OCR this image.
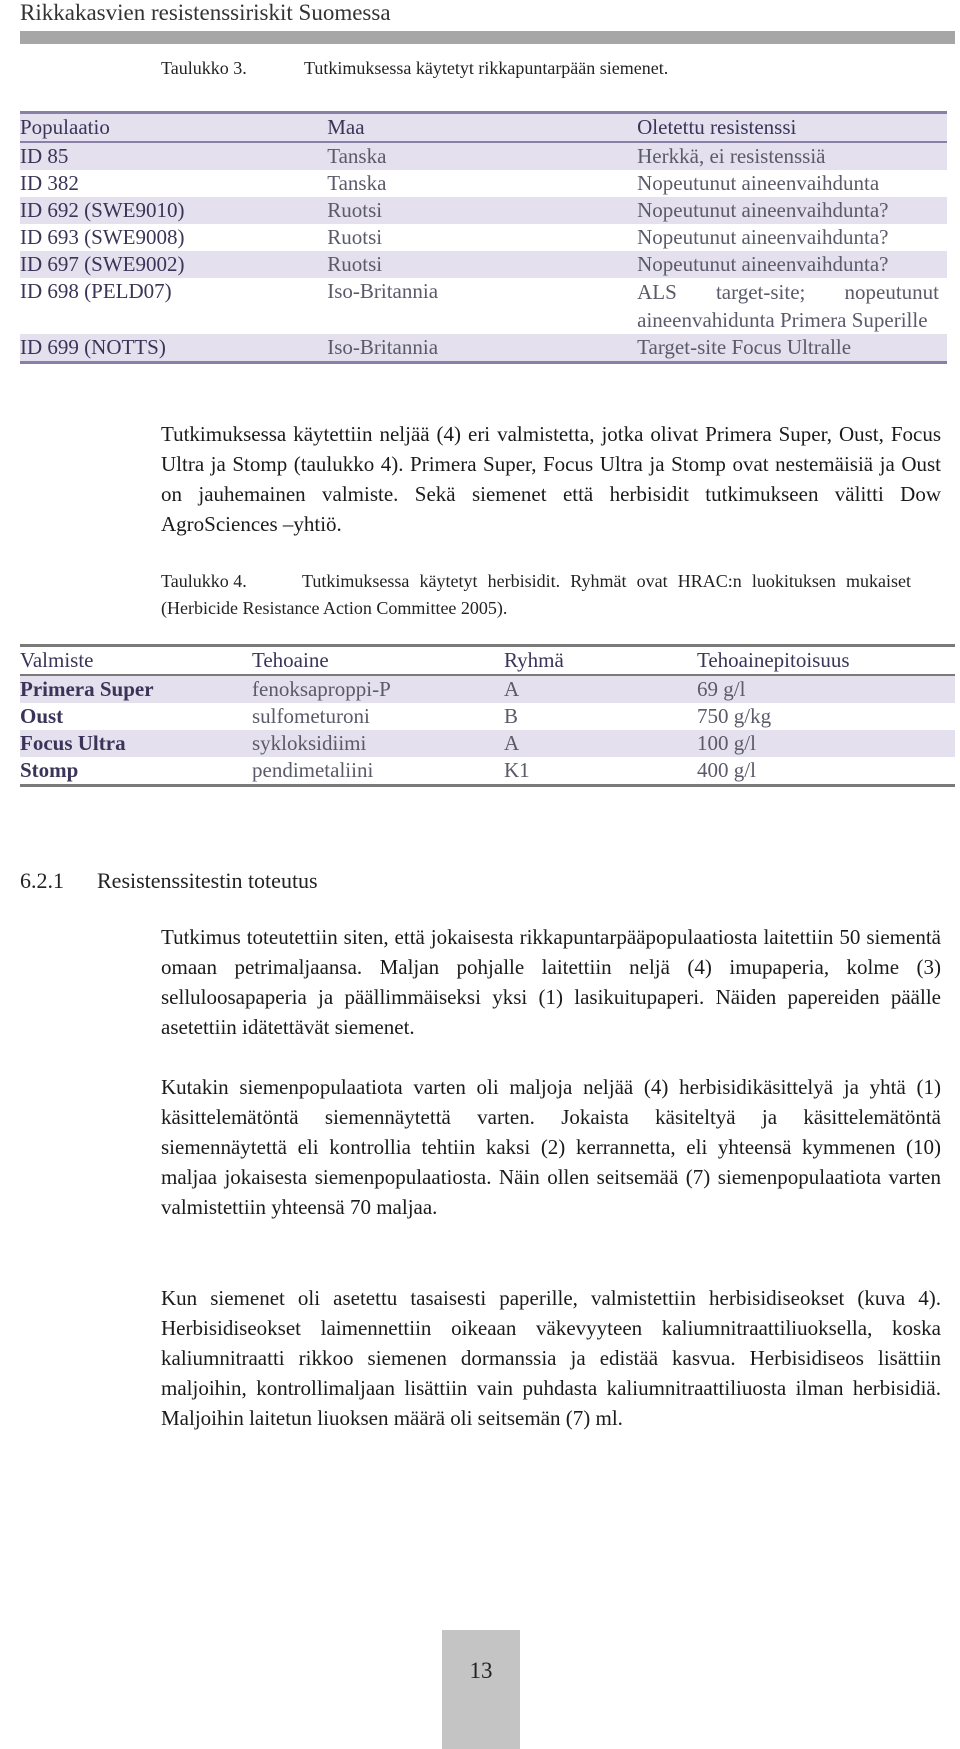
Rikkakasvien resistenssiriskit Suomessa
Taulukko 3.	Tutkimuksessa käytetyt rikkapuntarpään siemenet.
Populaatio	Maa	Oletettu resistenssi
ID 85	Tanska	Herkkä, ei resistenssiä
ID 382	Tanska	Nopeutunut aineenvaihdunta
ID 692 (SWE9010)	Ruotsi	Nopeutunut aineenvaihdunta?
ID 693 (SWE9008)	Ruotsi	Nopeutunut aineenvaihdunta?
ID 697 (SWE9002)	Ruotsi	Nopeutunut aineenvaihdunta?
ID 698 (PELD07)	Iso-Britannia	ALS target-site; nopeutunut aineenvahidunta Primera Superille
ID 699 (NOTTS)	Iso-Britannia	Target-site Focus Ultralle
Tutkimuksessa käytettiin neljää (4) eri valmistetta, jotka olivat Primera Super, Oust, Focus Ultra ja Stomp (taulukko 4). Primera Super, Focus Ultra ja Stomp ovat nestemäisiä ja Oust on jauhemainen valmiste. Sekä siemenet että herbisidit tutkimukseen välitti Dow AgroSciences –yhtiö.
Taulukko 4.	Tutkimuksessa käytetyt herbisidit. Ryhmät ovat HRAC:n luokituksen mukaiset (Herbicide Resistance Action Committee 2005).
Valmiste	Tehoaine	Ryhmä	Tehoainepitoisuus
Primera Super	fenoksaproppi-P	A	69 g/l
Oust	sulfometuroni	B	750 g/kg
Focus Ultra	sykloksidiimi	A	100 g/l
Stomp	pendimetaliini	K1	400 g/l
6.2.1 Resistenssitestin toteutus
Tutkimus toteutettiin siten, että jokaisesta rikkapuntarpääpopulaatiosta laitettiin 50 siementä omaan petrimaljaansa. Maljan pohjalle laitettiin neljä (4) imupaperia, kolme (3) selluloosapaperia ja päällimmäiseksi yksi (1) lasikuitupaperi. Näiden papereiden päälle asetettiin idätettävät siemenet.
Kutakin siemenpopulaatiota varten oli maljoja neljää (4) herbisidikäsittelyä ja yhtä (1) käsittelemätöntä siemennäytettä varten. Jokaista käsiteltyä ja käsittelemätöntä siemennäytettä eli kontrollia tehtiin kaksi (2) kerrannetta, eli yhteensä kymmenen (10) maljaa jokaisesta siemenpopulaatiosta. Näin ollen seitsemää (7) siemenpopulaatiota varten valmistettiin yhteensä 70 maljaa.
Kun siemenet oli asetettu tasaisesti paperille, valmistettiin herbisidiseokset (kuva 4). Herbisidiseokset laimennettiin oikeaan väkevyyteen kaliumnitraattiliuoksella, koska kaliumnitraatti rikkoo siemenen dormanssia ja edistää kasvua. Herbisidiseos lisättiin maljoihin, kontrollimaljaan lisättiin vain puhdasta kaliumnitraattiliuosta ilman herbisidiä. Maljoihin laitetun liuoksen määrä oli seitsemän (7) ml.
13
